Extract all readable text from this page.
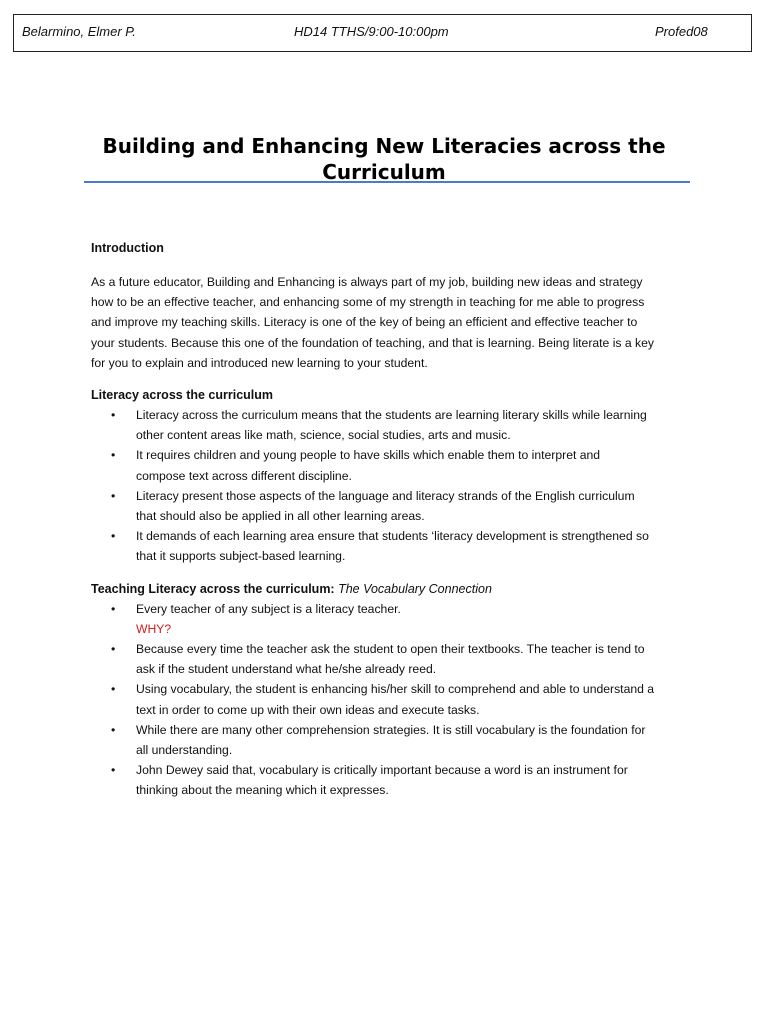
Belarmino, Elmer P.	HD14 TTHS/9:00-10:00pm	Profed08
Building and Enhancing New Literacies across the
Curriculum
Introduction

As a future educator, Building and Enhancing is always part of my job, building new ideas and strategy
how to be an effective teacher, and enhancing some of my strength in teaching for me able to progress
and improve my teaching skills. Literacy is one of the key of being an efficient and effective teacher to
your students. Because this one of the foundation of teaching, and that is learning. Being literate is a key
for you to explain and introduced new learning to your student.

Literacy across the curriculum
• Literacy across the curriculum means that the students are learning literary skills while learning
other content areas like math, science, social studies, arts and music.
• It requires children and young people to have skills which enable them to interpret and
compose text across different discipline.
• Literacy present those aspects of the language and literacy strands of the English curriculum
that should also be applied in all other learning areas.
• It demands of each learning area ensure that students ‘literacy development is strengthened so
that it supports subject-based learning.
Teaching Literacy across the curriculum: The Vocabulary Connection
• Every teacher of any subject is a literacy teacher.
WHY?
• Because every time the teacher ask the student to open their textbooks. The teacher is tend to
ask if the student understand what he/she already reed.
• Using vocabulary, the student is enhancing his/her skill to comprehend and able to understand a
text in order to come up with their own ideas and execute tasks.
• While there are many other comprehension strategies. It is still vocabulary is the foundation for
all understanding.
• John Dewey said that, vocabulary is critically important because a word is an instrument for
thinking about the meaning which it expresses.
